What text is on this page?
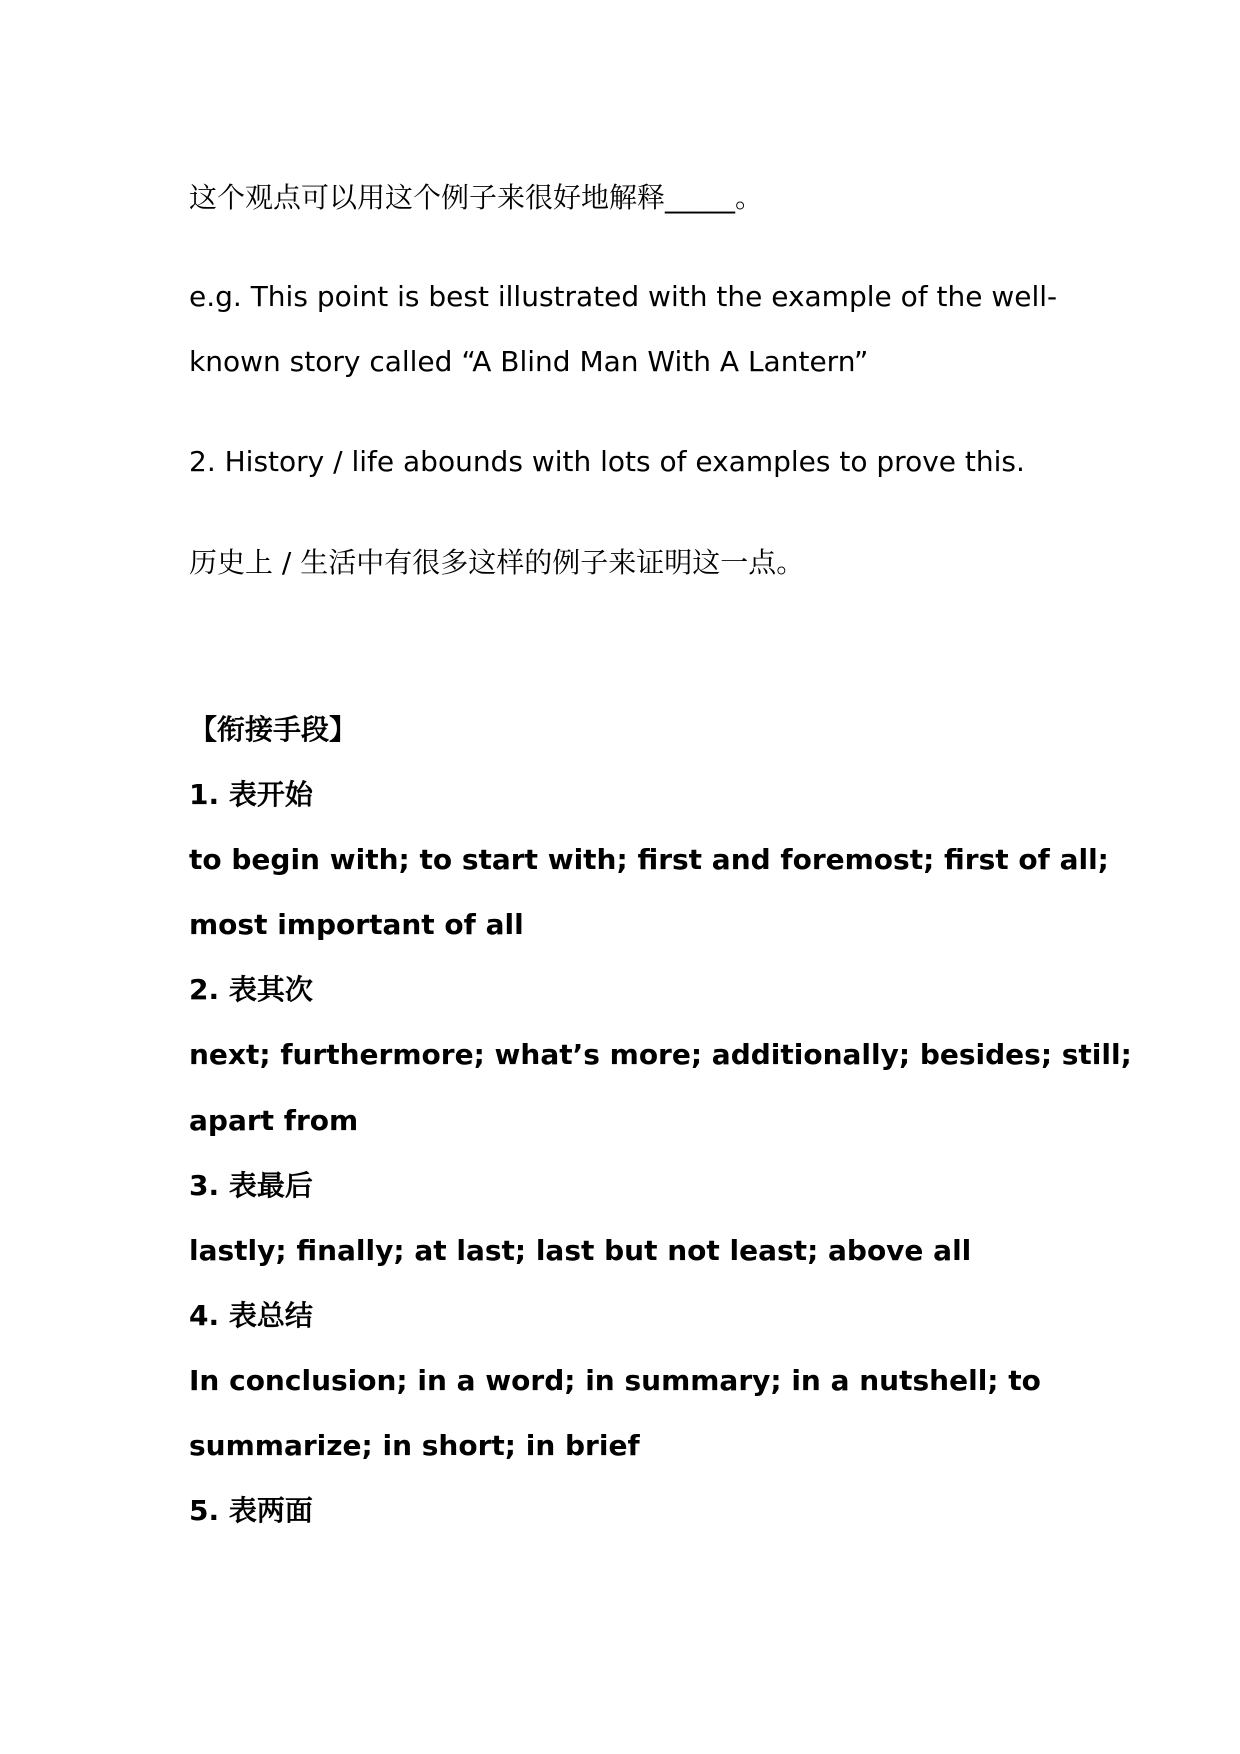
这个观点可以用这个例子来很好地解释_____。
e.g. This point is best illustrated with the example of the well-
known story called “A Blind Man With A Lantern”
2. History / life abounds with lots of examples to prove this.
历史上 / 生活中有很多这样的例子来证明这一点。
【衔接手段】
1. 表开始
to begin with; to start with; first and foremost; first of all;
most important of all
2. 表其次
next; furthermore; what’s more; additionally; besides; still;
apart from
3. 表最后
lastly; finally; at last; last but not least; above all
4. 表总结
In conclusion; in a word; in summary; in a nutshell; to
summarize; in short; in brief
5. 表两面
